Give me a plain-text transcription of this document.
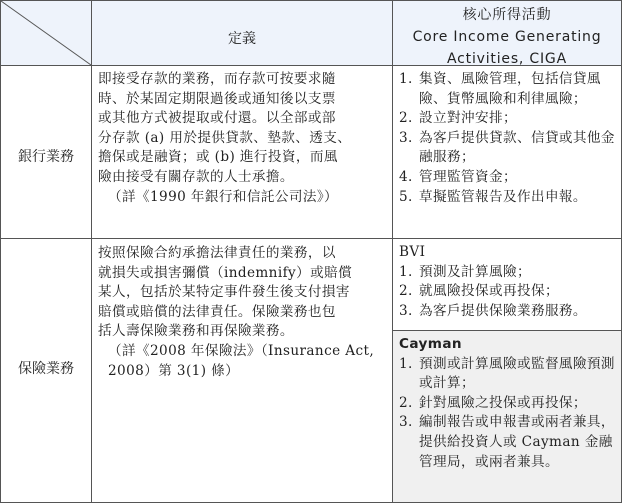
定義
核心所得活動
Core Income Generating
Activities, CIGA
銀行業務

即接受存款的業務，而存款可按要求隨

時、於某固定期限過後或通知後以支票

或其他方式被提取或付還。以全部或部

分存款 (a) 用於提供貸款、墊款、透支、

擔保或是融資；或 (b) 進行投資，而風

險由接受有關存款的人士承擔。

（詳《1990 年銀行和信託公司法》）

1. 集資、風險管理，包括信貸風險、貨幣風險和利律風險；
2. 設立對沖安排；
3. 為客戶提供貸款、信貸或其他金融服務；
4. 管理監管資金；
5. 草擬監管報告及作出申報。
保險業務

按照保險合約承擔法律責任的業務，以

就損失或損害彌償（indemnify）或賠償

某人，包括於某特定事件發生後支付損害

賠償或賠償的法律責任。保險業務也包

括人壽保險業務和再保險業務。

（詳《2008 年保險法》（Insurance Act, 2008）第 3(1) 條）

BVI
1. 預測及計算風險；
2. 就風險投保或再投保；
3. 為客戶提供保險業務服務。
Cayman
1. 預測或計算風險或監督風險預測或計算；
2. 針對風險之投保或再投保；
3. 編制報告或申報書或兩者兼具，提供給投資人或 Cayman 金融管理局，或兩者兼具。
